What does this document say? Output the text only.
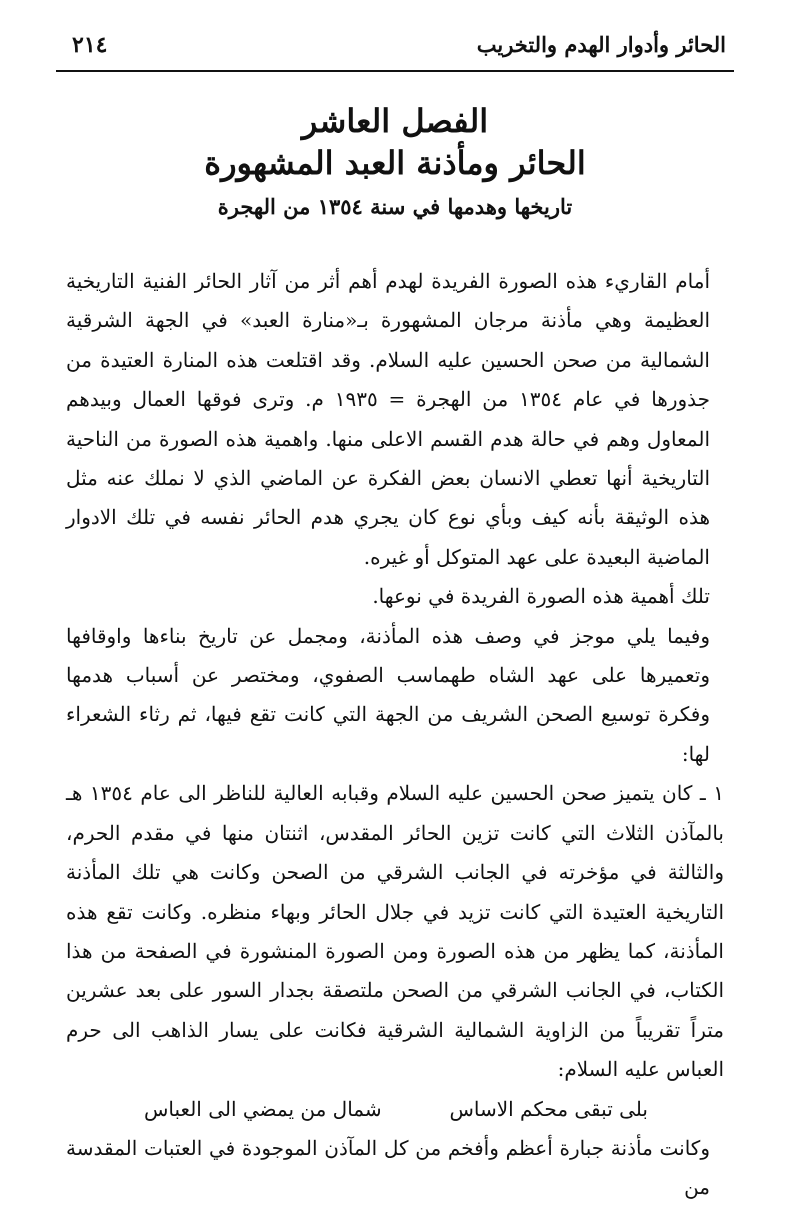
الحائر وأدوار الهدم والتخريب
٢١٤

الفصل العاشر

الحائر ومأذنة العبد المشهورة

تاريخها وهدمها في سنة ١٣٥٤ من الهجرة

أمام القاريء هذه الصورة الفريدة لهدم أهم أثر من آثار الحائر الفنية التاريخية العظيمة وهي مأذنة مرجان المشهورة بـ«منارة العبد» في الجهة الشرقية الشمالية من صحن الحسين عليه السلام. وقد اقتلعت هذه المنارة العتيدة من جذورها في عام ١٣٥٤ من الهجرة = ١٩٣٥ م. وترى فوقها العمال وبيدهم المعاول وهم في حالة هدم القسم الاعلى منها. واهمية هذه الصورة من الناحية التاريخية أنها تعطي الانسان بعض الفكرة عن الماضي الذي لا نملك عنه مثل هذه الوثيقة بأنه كيف وبأي نوع كان يجري هدم الحائر نفسه في تلك الادوار الماضية البعيدة على عهد المتوكل أو غيره.

تلك أهمية هذه الصورة الفريدة في نوعها.

وفيما يلي موجز في وصف هذه المأذنة، ومجمل عن تاريخ بناءها واوقافها وتعميرها على عهد الشاه طهماسب الصفوي، ومختصر عن أسباب هدمها وفكرة توسيع الصحن الشريف من الجهة التي كانت تقع فيها، ثم رثاء الشعراء لها:

١ ـ كان يتميز صحن الحسين عليه السلام وقبابه العالية للناظر الى عام ١٣٥٤ هـ بالمآذن الثلاث التي كانت تزين الحائر المقدس، اثنتان منها في مقدم الحرم، والثالثة في مؤخرته في الجانب الشرقي من الصحن وكانت هي تلك المأذنة التاريخية العتيدة التي كانت تزيد في جلال الحائر وبهاء منظره. وكانت تقع هذه المأذنة، كما يظهر من هذه الصورة ومن الصورة المنشورة في الصفحة من هذا الكتاب، في الجانب الشرقي من الصحن ملتصقة بجدار السور على بعد عشرين متراً تقريباً من الزاوية الشمالية الشرقية فكانت على يسار الذاهب الى حرم العباس عليه السلام:

بلى تبقى محكم الاساس
شمال من يمضي الى العباس

وكانت مأذنة جبارة أعظم وأفخم من كل المآذن الموجودة في العتبات المقدسة من
